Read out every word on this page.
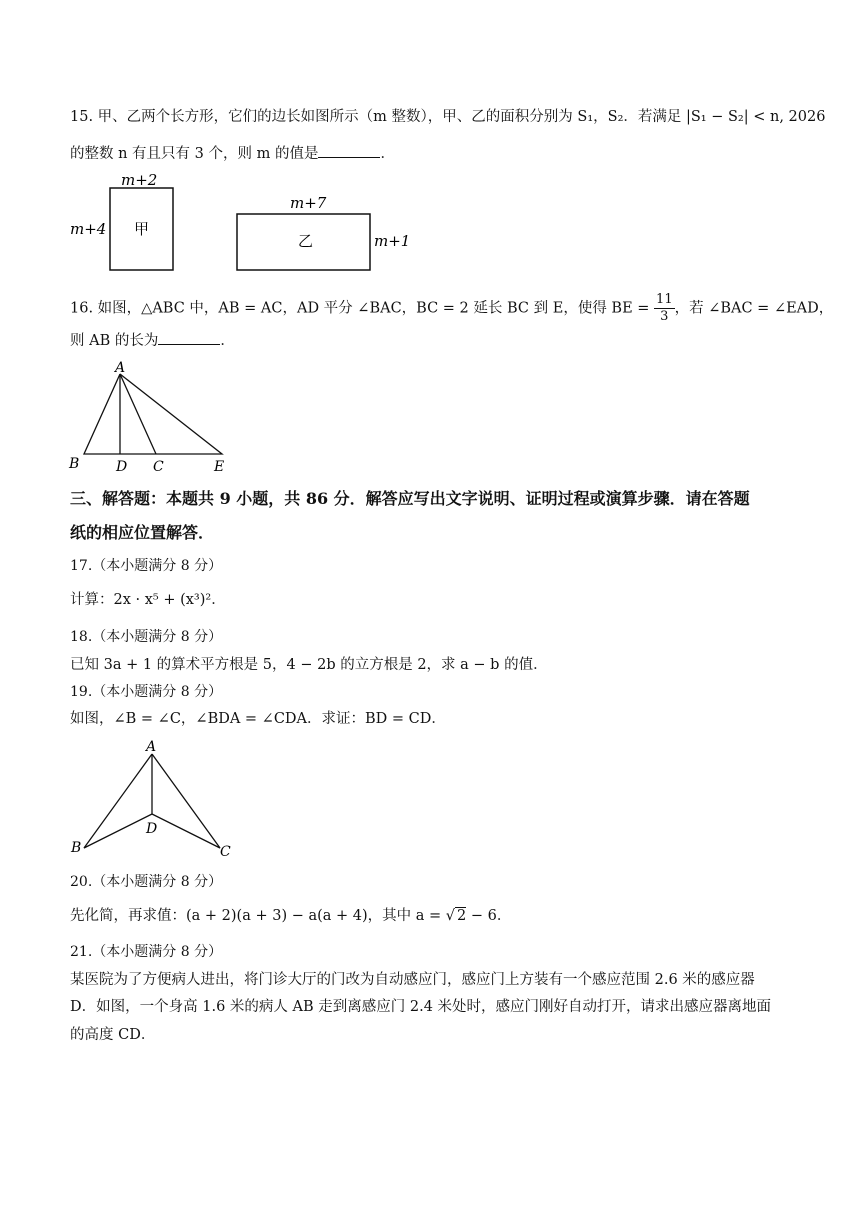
15. 甲、乙两个长方形，它们的边长如图所示（m 整数），甲、乙的面积分别为 S₁，S₂．若满足 |S₁ − S₂| < n, 2026
的整数 n 有且只有 3 个，则 m 的值是	．
m+2
m+4 甲
m+7
m+1
乙
16. 如图，△ABC 中，AB = AC，AD 平分 ∠BAC，BC = 2 延长 BC 到 E，使得 BE = $\frac{11}{3}$ ，若 ∠BAC = ∠EAD，
则 AB 的长为	．
A
B	D C	E
三、解答题：本题共 9 小题，共 86 分．解答应写出文字说明、证明过程或演算步骤．请在答题
纸的相应位置解答．
17.（本小题满分 8 分）
计算：2x · x⁵ + (x³)²．
18.（本小题满分 8 分）
已知 3a + 1 的算术平方根是 5，4 − 2b 的立方根是 2，求 a − b 的值．
19.（本小题满分 8 分）
如图，∠B = ∠C，∠BDA = ∠CDA．求证：BD = CD．
A
B
D
C
20.（本小题满分 8 分）
先化简，再求值：(a + 2)(a + 3) − a(a + 4)，其中 a = √ 2 − 6．
21.（本小题满分 8 分）
某医院为了方便病人进出，将门诊大厅的门改为自动感应门，感应门上方装有一个感应范围 2.6 米的感应器
D．如图，一个身高 1.6 米的病人 AB 走到离感应门 2.4 米处时，感应门刚好自动打开，请求出感应器离地面
的高度 CD．
